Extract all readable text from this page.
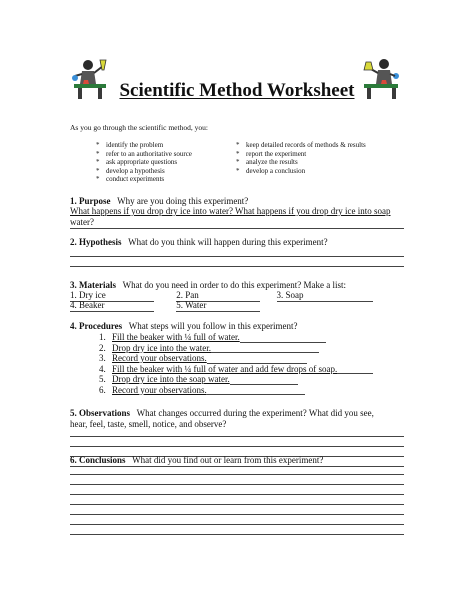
Scientific Method Worksheet
As you go through the scientific method, you:
* identify the problem
* refer to an authoritative source
* ask appropriate questions
* develop a hypothesis
* conduct experiments
* keep detailed records of methods & results
* report the experiment
* analyze the results
* develop a conclusion
1. Purpose Why are you doing this experiment?
What happens if you drop dry ice into water? What happens if you drop dry ice into soap
water?
2. Hypothesis What do you think will happen during this experiment?
3. Materials What do you need in order to do this experiment? Make a list:
1. Dry ice	2. Pan	3. Soap
4. Beaker	5. Water
4. Procedures What steps will you follow in this experiment?
1. Fill the beaker with ¼ full of water.
2. Drop dry ice into the water.
3. Record your observations.
4. Fill the beaker with ¼ full of water and add few drops of soap.
5. Drop dry ice into the soap water.
6. Record your observations.
5. Observations What changes occurred during the experiment? What did you see,
hear, feel, taste, smell, notice, and observe?
6. Conclusions What did you find out or learn from this experiment?
